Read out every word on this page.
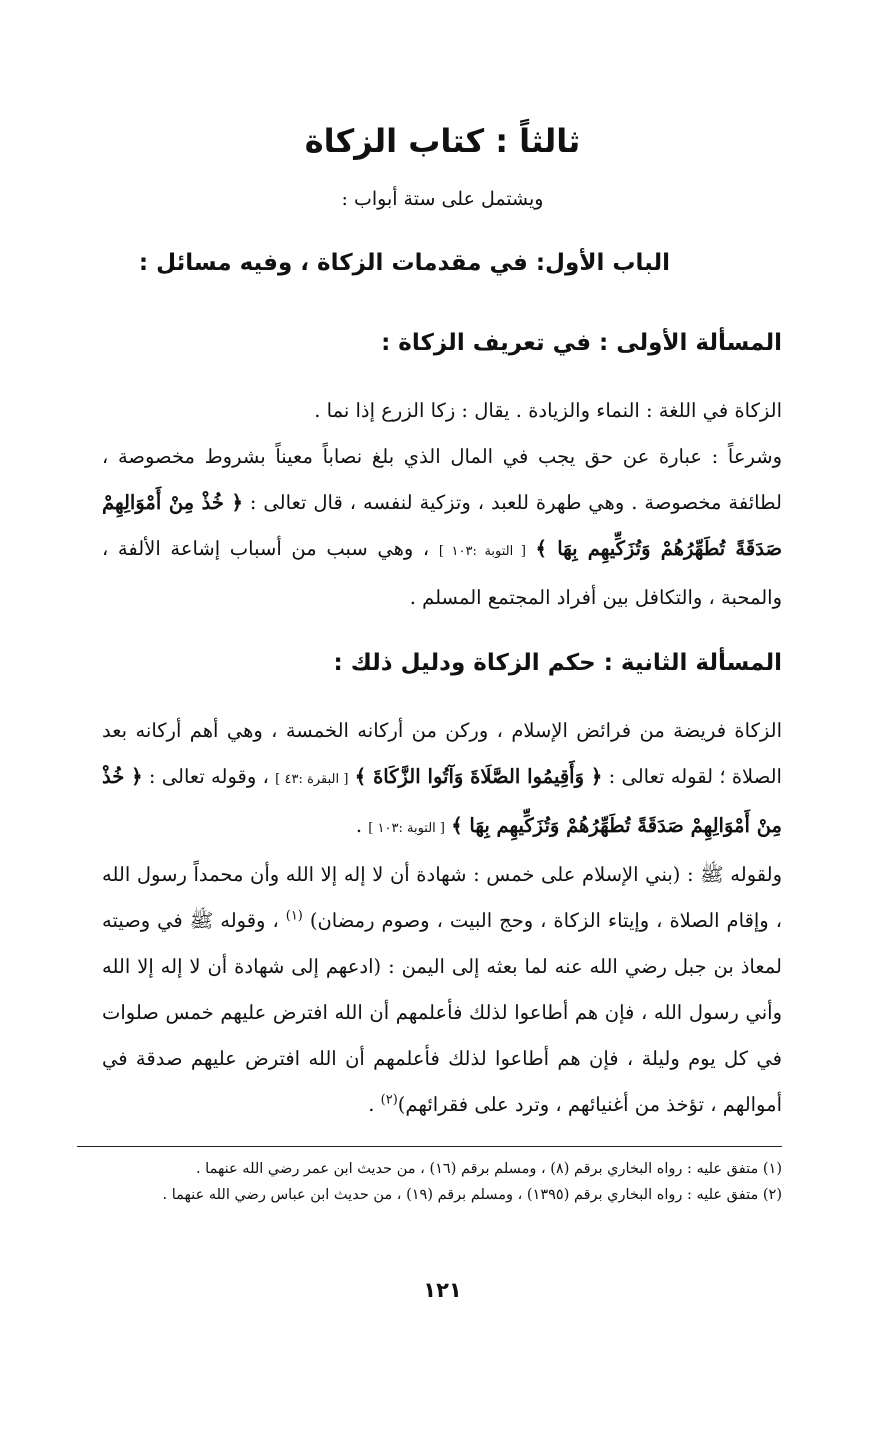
ثالثاً : كتاب الزكاة
ويشتمل على ستة أبواب :
الباب الأول: في مقدمات الزكاة ، وفيه مسائل :
المسألة الأولى : في تعريف الزكاة :
الزكاة في اللغة : النماء والزيادة . يقال : زكا الزرع إذا نما .
وشرعاً : عبارة عن حق يجب في المال الذي بلغ نصاباً معيناً بشروط مخصوصة ، لطائفة مخصوصة . وهي طهرة للعبد ، وتزكية لنفسه ، قال تعالى : ﴿ خُذْ مِنْ أَمْوَالِهِمْ صَدَقَةً تُطَهِّرُهُمْ وَتُزَكِّيهِم بِهَا ﴾ [ التوبة :١٠٣ ] ، وهي سبب من أسباب إشاعة الألفة ، والمحبة ، والتكافل بين أفراد المجتمع المسلم .
المسألة الثانية : حكم الزكاة ودليل ذلك :
الزكاة فريضة من فرائض الإسلام ، وركن من أركانه الخمسة ، وهي أهم أركانه بعد الصلاة ؛ لقوله تعالى : ﴿ وَأَقِيمُوا الصَّلَاةَ وَآتُوا الزَّكَاةَ ﴾ [ البقرة :٤٣ ] ، وقوله تعالى : ﴿ خُذْ مِنْ أَمْوَالِهِمْ صَدَقَةً تُطَهِّرُهُمْ وَتُزَكِّيهِم بِهَا ﴾ [ التوبة :١٠٣ ] .
ولقوله ﷺ : (بني الإسلام على خمس : شهادة أن لا إله إلا الله وأن محمداً رسول الله ، وإقام الصلاة ، وإيتاء الزكاة ، وحج البيت ، وصوم رمضان) $^{(١)}$ ، وقوله ﷺ في وصيته لمعاذ بن جبل رضي الله عنه لما بعثه إلى اليمن : (ادعهم إلى شهادة أن لا إله إلا الله وأني رسول الله ، فإن هم أطاعوا لذلك فأعلمهم أن الله افترض عليهم خمس صلوات في كل يوم وليلة ، فإن هم أطاعوا لذلك فأعلمهم أن الله افترض عليهم صدقة في أموالهم ، تؤخذ من أغنيائهم ، وترد على فقرائهم)$^{(٢)}$ .

(١) متفق عليه : رواه البخاري برقم (٨) ، ومسلم برقم (١٦) ، من حديث ابن عمر رضي الله عنهما .

(٢) متفق عليه : رواه البخاري برقم (١٣٩٥) ، ومسلم برقم (١٩) ، من حديث ابن عباس رضي الله عنهما .

١٢١
